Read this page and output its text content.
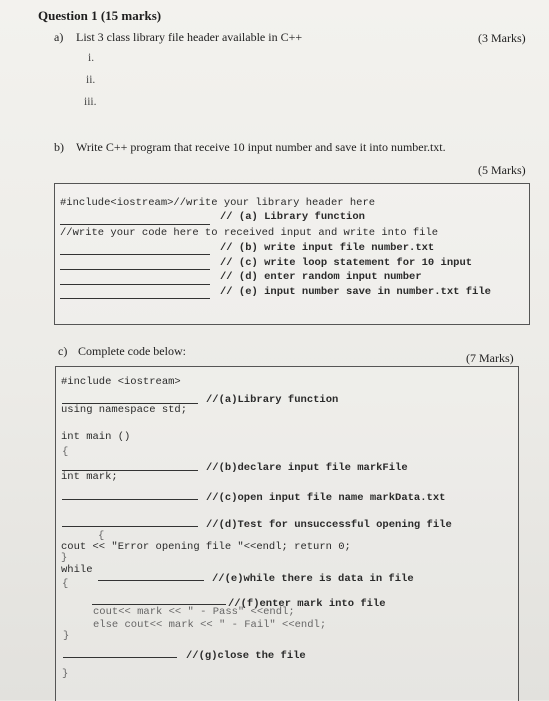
Question 1 (15 marks)
a) List 3 class library file header available in C++	(3 Marks)
i.
ii.
iii.
b) Write C++ program that receive 10 input number and save it into number.txt.
(5 Marks)
#include<iostream>//write your library header here
// (a) Library function
//write your code here to received input and write into file
// (b) write input file number.txt
// (c) write loop statement for 10 input
// (d) enter random input number
// (e) input number save in number.txt file
c) Complete code below:	(7 Marks)
#include <iostream>
//(a)Library function
using namespace std;
int main ()
{
//(b)declare input file markFile
int mark;
//(c)open input file name markData.txt
//(d)Test for unsuccessful opening file
{
cout << "Error opening file "<<endl; return 0;
}
while
//(e)while there is data in file
{
//(f)enter mark into file
cout<< mark << " - Pass" <<endl;
else cout<< mark << " - Fail" <<endl;
}
//(g)close the file
}
